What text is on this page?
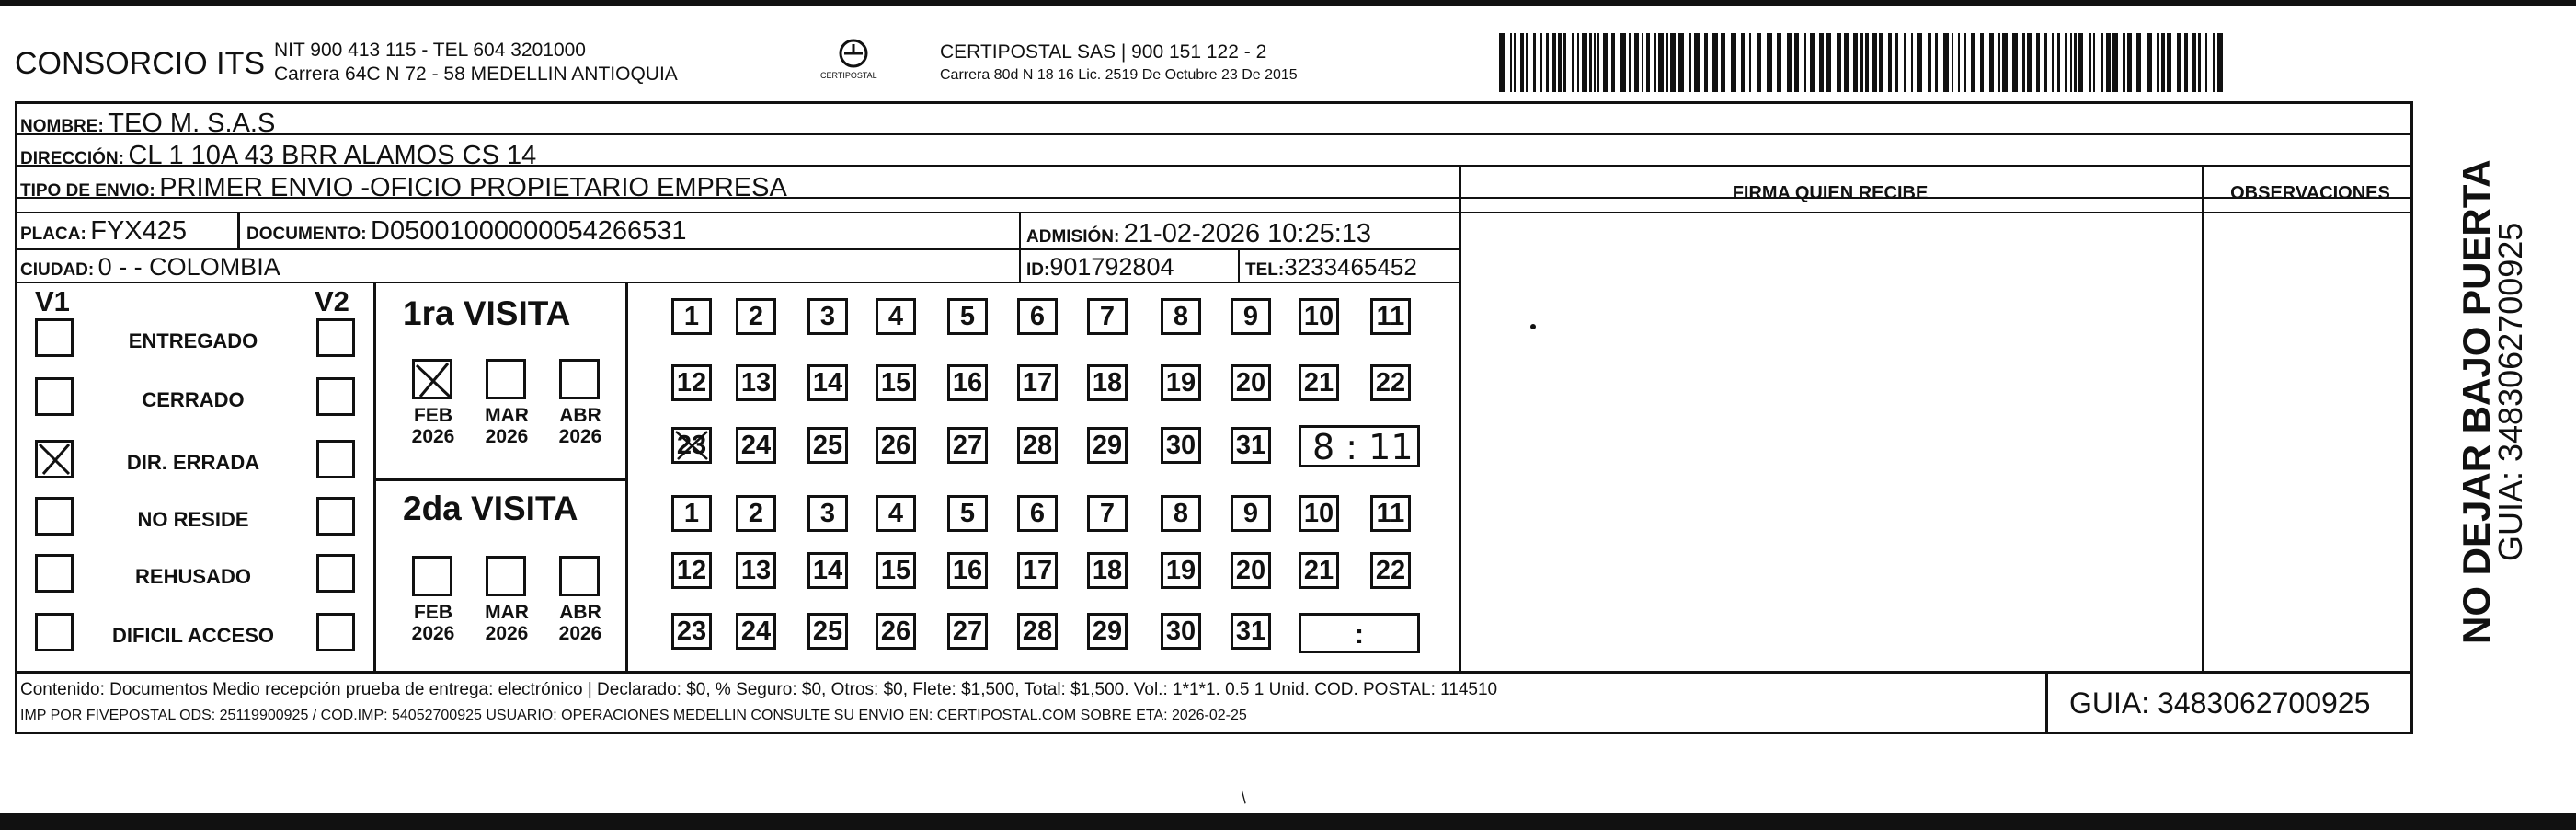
CONSORCIO ITS NIT 900 413 115 - TEL 604 3201000
Carrera 64C N 72 - 58 MEDELLIN ANTIOQUIA	CERTIPOSTAL
CERTIPOSTAL SAS | 900 151 122 - 2
Carrera 80d N 18 16 Lic. 2519 De Octubre 23 De 2015
NOMBRE: TEO M. S.A.S
DIRECCIÓN: CL 1 10A 43 BRR ALAMOS CS 14
TIPO DE ENVIO: PRIMER ENVIO -OFICIO PROPIETARIO EMPRESA
PLACA: FYX425	DOCUMENTO: D05001000000054266531	ADMISIÓN: 21-02-2026 10:25:13
CIUDAD: 0 - - COLOMBIA	ID:901792804	TEL:3233465452
FIRMA QUIEN RECIBE	OBSERVACIONES
V1	V2
ENTREGADO
CERRADO
DIR. ERRADA
NO RESIDE
REHUSADO
DIFICIL ACCESO
1ra VISITA
2da VISITA
FEB
2026
MAR
2026
ABR
2026
FEB
2026
MAR
2026
ABR
2026
1	2	3	4	5	6	7	8	9	10 11
12 13 14 15 16 17 18 19 20 21 22
23 24 25 26 27 28 29 30 31
1	2	3	4	5	6	7	8	9	10 11
12 13 14 15 16 17 18 19 20 21 22
23 24 25 26 27 28 29 30 31
8 : 11
:
Contenido: Documentos Medio recepción prueba de entrega: electrónico | Declarado: $0, % Seguro: $0, Otros: $0, Flete: $1,500, Total: $1,500. Vol.: 1*1*1. 0.5 1 Unid. COD. POSTAL: 114510
IMP POR FIVEPOSTAL ODS: 25119900925 / COD.IMP: 54052700925 USUARIO: OPERACIONES MEDELLIN CONSULTE SU ENVIO EN: CERTIPOSTAL.COM SOBRE ETA: 2026-02-25	GUIA: 3483062700925
NO DEJAR BAJO PUERTA
GUIA: 3483062700925
/
